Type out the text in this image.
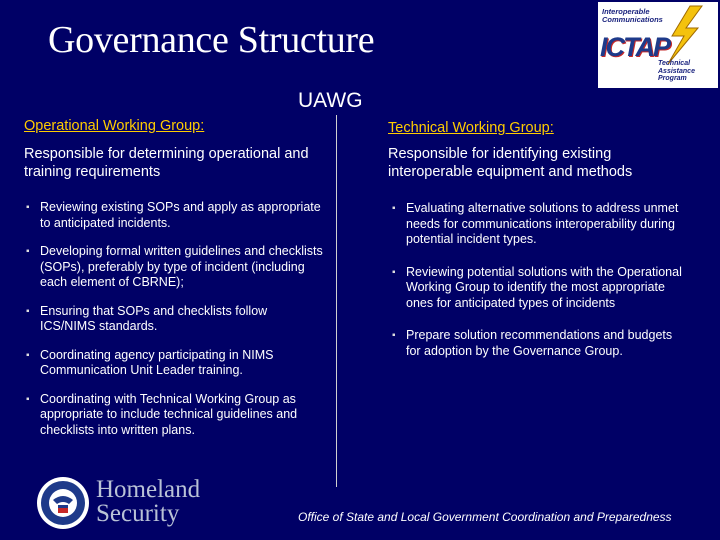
Governance Structure
Interoperable
Communications
ICTAP
Technical
Assistance
Program
UAWG
Operational Working Group:
Responsible for determining operational and training requirements
▪ Reviewing existing SOPs and apply as appropriate to anticipated incidents.
▪ Developing formal written guidelines and checklists (SOPs), preferably by type of incident (including each element of CBRNE);
▪ Ensuring that SOPs and checklists follow ICS/NIMS standards.
▪ Coordinating agency participating in NIMS Communication Unit Leader training.
▪ Coordinating with Technical Working Group as appropriate to include technical guidelines and checklists into written plans.
Technical Working Group:
Responsible for identifying existing interoperable equipment and methods
▪ Evaluating alternative solutions to address unmet needs for communications interoperability during potential incident types.
▪ Reviewing potential solutions with the Operational Working Group to identify the most appropriate ones for anticipated types of incidents
▪ Prepare solution recommendations and budgets for adoption by the Governance Group.
Homeland
Security	Office of State and Local Government Coordination and Preparedness
